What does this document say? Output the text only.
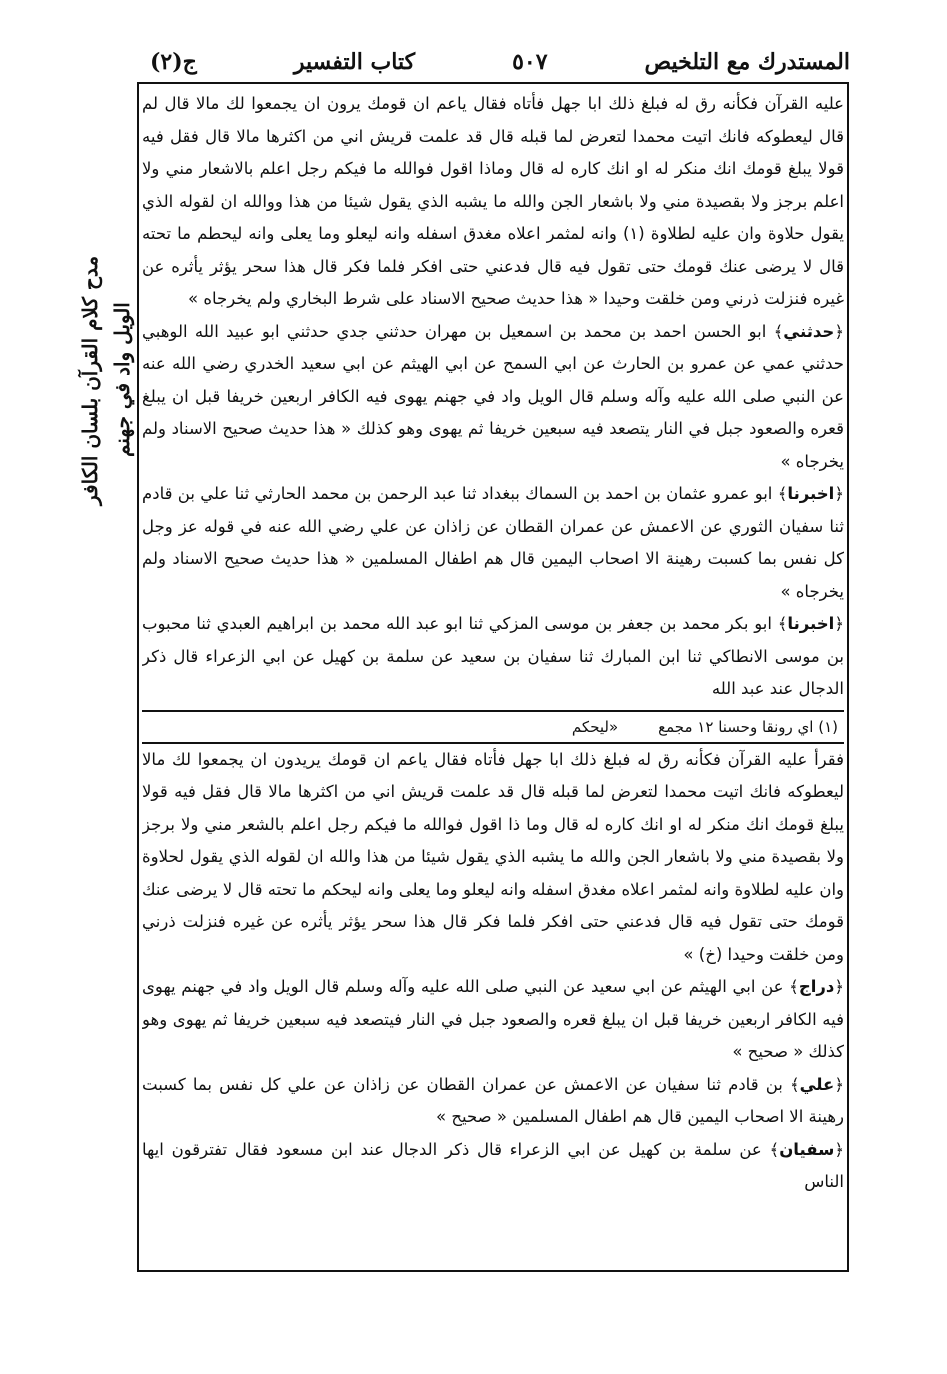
المستدرك مع التلخيص
٥٠٧
كتاب التفسير
ج(٢)
مدح كلام القرآن بلسان الكافر الويل واد في جهنم

عليه القرآن فكأنه رق له فبلغ ذلك ابا جهل فأتاه فقال ياعم ان قومك يرون ان يجمعوا لك مالا قال لم قال ليعطوكه فانك اتيت محمدا لتعرض لما قبله قال قد علمت قريش اني من اكثرها مالا قال فقل فيه قولا يبلغ قومك انك منكر له او انك كاره له قال وماذا اقول فوالله ما فيكم رجل اعلم بالاشعار مني ولا اعلم برجز ولا بقصيدة مني ولا باشعار الجن والله ما يشبه الذي يقول شيئا من هذا ووالله ان لقوله الذي يقول حلاوة وان عليه لطلاوة (١) وانه لمثمر اعلاه مغدق اسفله وانه ليعلو وما يعلى وانه ليحطم ما تحته قال لا يرضى عنك قومك حتى تقول فيه قال فدعني حتى افكر فلما فكر قال هذا سحر يؤثر يأثره عن غيره فنزلت ذرني ومن خلقت وحيدا « هذا حديث صحيح الاسناد على شرط البخاري ولم يخرجاه »

﴿حدثني﴾ ابو الحسن احمد بن محمد بن اسمعيل بن مهران حدثني جدي حدثني ابو عبيد الله الوهبي حدثني عمي عن عمرو بن الحارث عن ابي السمح عن ابي الهيثم عن ابي سعيد الخدري رضي الله عنه عن النبي صلى الله عليه وآله وسلم قال الويل واد في جهنم يهوى فيه الكافر اربعين خريفا قبل ان يبلغ قعره والصعود جبل في النار يتصعد فيه سبعين خريفا ثم يهوى وهو كذلك « هذا حديث صحيح الاسناد ولم يخرجاه »

﴿اخبرنا﴾ ابو عمرو عثمان بن احمد بن السماك ببغداد ثنا عبد الرحمن بن محمد الحارثي ثنا علي بن قادم ثنا سفيان الثوري عن الاعمش عن عمران القطان عن زاذان عن علي رضي الله عنه في قوله عز وجل كل نفس بما كسبت رهينة الا اصحاب اليمين قال هم اطفال المسلمين « هذا حديث صحيح الاسناد ولم يخرجاه »

﴿اخبرنا﴾ ابو بكر محمد بن جعفر بن موسى المزكي ثنا ابو عبد الله محمد بن ابراهيم العبدي ثنا محبوب بن موسى الانطاكي ثنا ابن المبارك ثنا سفيان بن سعيد عن سلمة بن كهيل عن ابي الزعراء قال ذكر الدجال عند عبد الله

(١) اي رونقا وحسنا ١٢ مجمع
«ليحكم

فقرأ عليه القرآن فكأنه رق له فبلغ ذلك ابا جهل فأتاه فقال ياعم ان قومك يريدون ان يجمعوا لك مالا ليعطوكه فانك اتيت محمدا لتعرض لما قبله قال قد علمت قريش اني من اكثرها مالا قال فقل فيه قولا يبلغ قومك انك منكر له او انك كاره له قال وما ذا اقول فوالله ما فيكم رجل اعلم بالشعر مني ولا برجز ولا بقصيدة مني ولا باشعار الجن والله ما يشبه الذي يقول شيئا من هذا والله ان لقوله الذي يقول لحلاوة وان عليه لطلاوة وانه لمثمر اعلاه مغدق اسفله وانه ليعلو وما يعلى وانه ليحكم ما تحته قال لا يرضى عنك قومك حتى تقول فيه قال فدعني حتى افكر فلما فكر قال هذا سحر يؤثر يأثره عن غيره فنزلت ذرني ومن خلقت وحيدا (خ) »

﴿دراج﴾ عن ابي الهيثم عن ابي سعيد عن النبي صلى الله عليه وآله وسلم قال الويل واد في جهنم يهوى فيه الكافر اربعين خريفا قبل ان يبلغ قعره والصعود جبل في النار فيتصعد فيه سبعين خريفا ثم يهوى وهو كذلك « صحيح »

﴿علي﴾ بن قادم ثنا سفيان عن الاعمش عن عمران القطان عن زاذان عن علي كل نفس بما كسبت رهينة الا اصحاب اليمين قال هم اطفال المسلمين « صحيح »

﴿سفيان﴾ عن سلمة بن كهيل عن ابي الزعراء قال ذكر الدجال عند ابن مسعود فقال تفترقون ايها الناس
